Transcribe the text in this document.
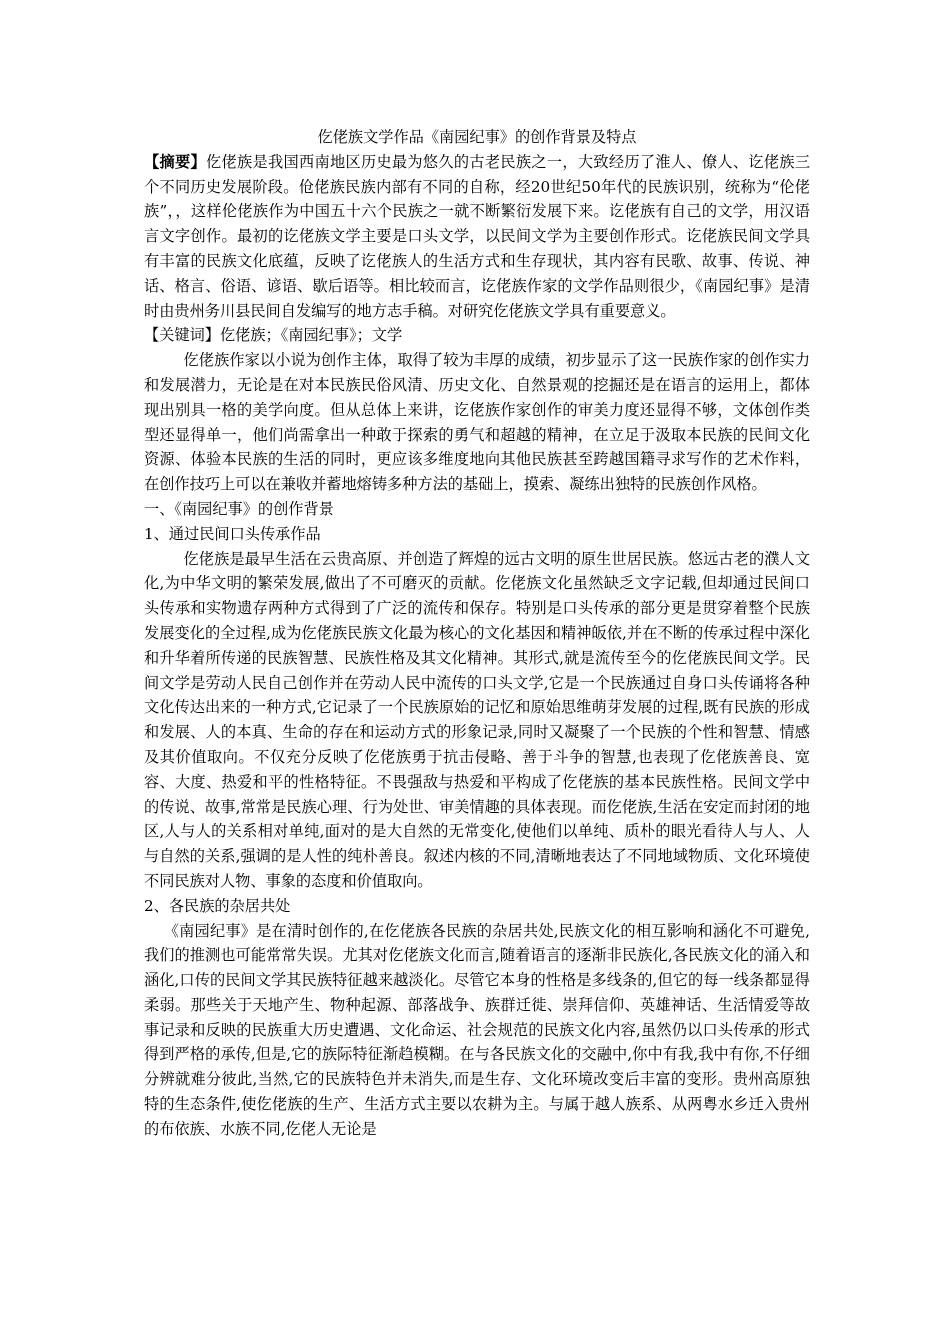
仡佬族文学作品《南园纪事》的创作背景及特点

【摘要】仡佬族是我国西南地区历史最为悠久的古老民族之一，大致经历了淮人、僚人、讫佬族三个不同历史发展阶段。伧佬族民族内部有不同的自称，经20世纪50年代的民族识别，统称为“伦佬族”，，这样伦佬族作为中国五十六个民族之一就不断繁衍发展下来。讫佬族有自己的文学，用汉语言文字创作。最初的讫佬族文学主要是口头文学，以民间文学为主要创作形式。讫佬族民间文学具有丰富的民族文化底蕴，反映了讫佬族人的生活方式和生存现状，其内容有民歌、故事、传说、神话、格言、俗语、谚语、歇后语等。相比较而言，讫佬族作家的文学作品则很少，《南园纪事》是清时由贵州务川县民间自发编写的地方志手稿。对研究仡佬族文学具有重要意义。

【关键词】仡佬族；《南园纪事》；文学

仡佬族作家以小说为创作主体，取得了较为丰厚的成绩，初步显示了这一民族作家的创作实力和发展潜力，无论是在对本民族民俗风清、历史文化、自然景观的挖掘还是在语言的运用上，都体现出别具一格的美学向度。但从总体上来讲，讫佬族作家创作的审美力度还显得不够，文体创作类型还显得单一，他们尚需拿出一种敢于探索的勇气和超越的精神，在立足于汲取本民族的民间文化资源、体验本民族的生活的同时，更应该多维度地向其他民族甚至跨越国籍寻求写作的艺术作料，在创作技巧上可以在兼收并蓄地熔铸多种方法的基础上，摸索、凝练出独特的民族创作风格。

一、《南园纪事》的创作背景

1、通过民间口头传承作品

仡佬族是最早生活在云贵高原、并创造了辉煌的远古文明的原生世居民族。悠远古老的濮人文化,为中华文明的繁荣发展,做出了不可磨灭的贡献。仡佬族文化虽然缺乏文字记载,但却通过民间口头传承和实物遗存两种方式得到了广泛的流传和保存。特别是口头传承的部分更是贯穿着整个民族发展变化的全过程,成为仡佬族民族文化最为核心的文化基因和精神皈依,并在不断的传承过程中深化和升华着所传递的民族智慧、民族性格及其文化精神。其形式,就是流传至今的仡佬族民间文学。民间文学是劳动人民自己创作并在劳动人民中流传的口头文学,它是一个民族通过自身口头传诵将各种文化传达出来的一种方式,它记录了一个民族原始的记忆和原始思维萌芽发展的过程,既有民族的形成和发展、人的本真、生命的存在和运动方式的形象记录,同时又凝聚了一个民族的个性和智慧、情感及其价值取向。不仅充分反映了仡佬族勇于抗击侵略、善于斗争的智慧,也表现了仡佬族善良、宽容、大度、热爱和平的性格特征。不畏强敌与热爱和平构成了仡佬族的基本民族性格。民间文学中的传说、故事,常常是民族心理、行为处世、审美情趣的具体表现。而仡佬族,生活在安定而封闭的地区,人与人的关系相对单纯,面对的是大自然的无常变化,使他们以单纯、质朴的眼光看待人与人、人与自然的关系,强调的是人性的纯朴善良。叙述内核的不同,清晰地表达了不同地域物质、文化环境使不同民族对人物、事象的态度和价值取向。

2、各民族的杂居共处

《南园纪事》是在清时创作的,在仡佬族各民族的杂居共处,民族文化的相互影响和涵化不可避免,我们的推测也可能常常失误。尤其对仡佬族文化而言,随着语言的逐渐非民族化,各民族文化的涌入和涵化,口传的民间文学其民族特征越来越淡化。尽管它本身的性格是多线条的,但它的每一线条都显得柔弱。那些关于天地产生、物种起源、部落战争、族群迁徙、崇拜信仰、英雄神话、生活情爱等故事记录和反映的民族重大历史遭遇、文化命运、社会规范的民族文化内容,虽然仍以口头传承的形式得到严格的承传,但是,它的族际特征渐趋模糊。在与各民族文化的交融中,你中有我,我中有你,不仔细分辨就难分彼此,当然,它的民族特色并未消失,而是生存、文化环境改变后丰富的变形。贵州高原独特的生态条件,使仡佬族的生产、生活方式主要以农耕为主。与属于越人族系、从两粤水乡迁入贵州的布依族、水族不同,仡佬人无论是
